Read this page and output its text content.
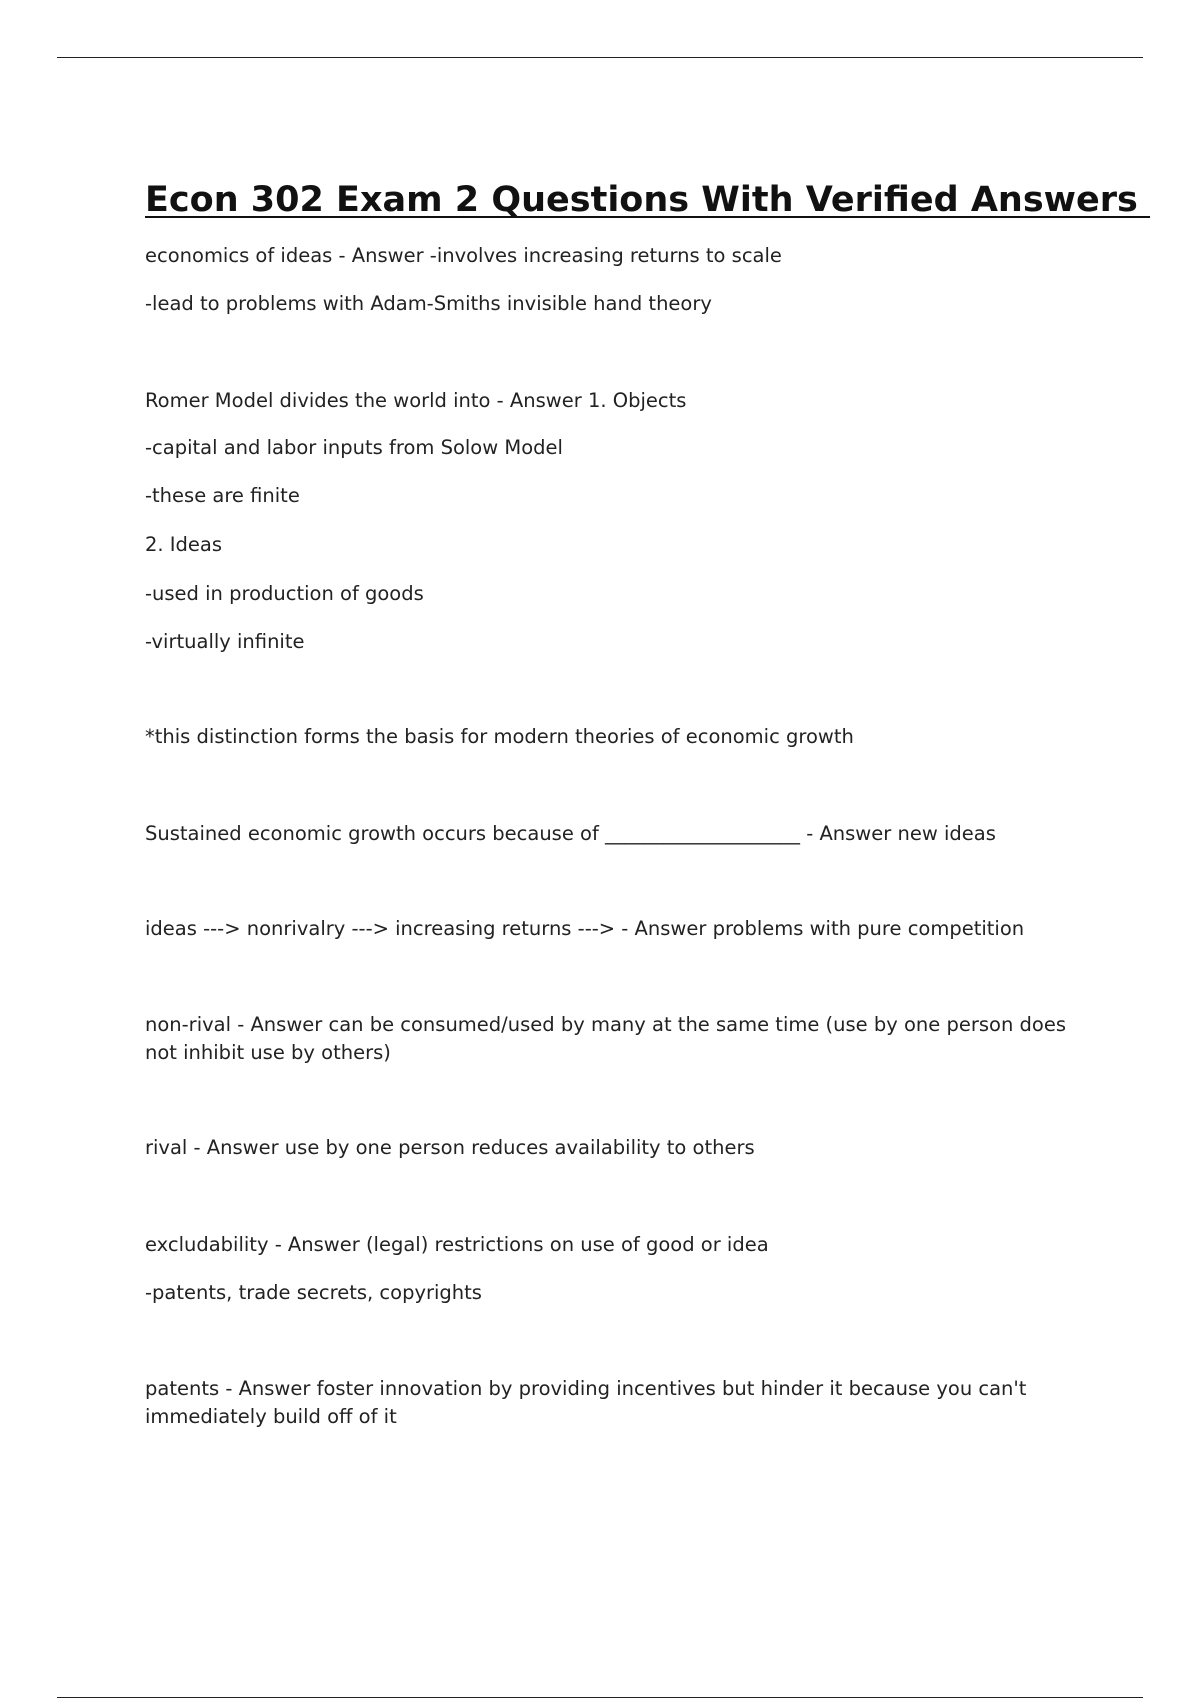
Econ 302 Exam 2 Questions With Verified Answers

economics of ideas - Answer -involves increasing returns to scale

-lead to problems with Adam-Smiths invisible hand theory

Romer Model divides the world into - Answer 1. Objects

-capital and labor inputs from Solow Model

-these are finite

2. Ideas

-used in production of goods

-virtually infinite

*this distinction forms the basis for modern theories of economic growth

Sustained economic growth occurs because of ____________________ - Answer new ideas

ideas ---> nonrivalry ---> increasing returns ---> - Answer problems with pure competition

non-rival - Answer can be consumed/used by many at the same time (use by one person does not inhibit use by others)

rival - Answer use by one person reduces availability to others

excludability - Answer (legal) restrictions on use of good or idea

-patents, trade secrets, copyrights

patents - Answer foster innovation by providing incentives but hinder it because you can't immediately build off of it
